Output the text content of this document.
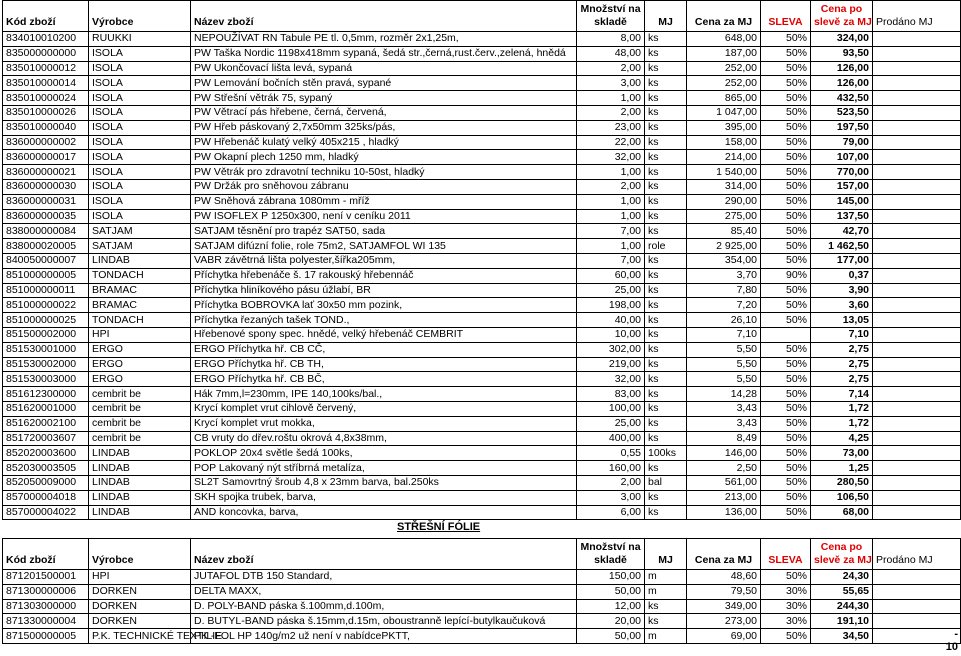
Kód zboží	Výrobce	Název zboží	Množství na
skladě	MJ	Cena za MJ	SLEVA	Cena po
slevě za MJ	Prodáno MJ
834010010200	RUUKKI	NEPOUŽÍVAT RN Tabule PE tl. 0,5mm, rozměr 2x1,25m,	8,00	ks	648,00	50%	324,00	
835000000000	ISOLA	PW Taška Nordic 1198x418mm sypaná, šedá str.,černá,rust.červ.,zelená, hnědá	48,00	ks	187,00	50%	93,50	
835010000012	ISOLA	PW Ukončovací lišta levá, sypaná	2,00	ks	252,00	50%	126,00	
835010000014	ISOLA	PW Lemování bočních stěn pravá, sypané	3,00	ks	252,00	50%	126,00	
835010000024	ISOLA	PW Střešní větrák 75, sypaný	1,00	ks	865,00	50%	432,50	
835010000026	ISOLA	PW Větrací pás hřebene, černá, červená,	2,00	ks	1 047,00	50%	523,50	
835010000040	ISOLA	PW Hřeb páskovaný 2,7x50mm 325ks/pás,	23,00	ks	395,00	50%	197,50	
836000000002	ISOLA	PW Hřebenáč kulatý velký 405x215 , hladký	22,00	ks	158,00	50%	79,00	
836000000017	ISOLA	PW Okapní plech 1250 mm, hladký	32,00	ks	214,00	50%	107,00	
836000000021	ISOLA	PW Větrák pro zdravotní techniku 10-50st, hladký	1,00	ks	1 540,00	50%	770,00	
836000000030	ISOLA	PW Držák pro sněhovou zábranu	2,00	ks	314,00	50%	157,00	
836000000031	ISOLA	PW Sněhová zábrana 1080mm - mříž	1,00	ks	290,00	50%	145,00	
836000000035	ISOLA	PW ISOFLEX P 1250x300, není v ceníku 2011	1,00	ks	275,00	50%	137,50	
838000000084	SATJAM	SATJAM těsnění pro trapéz SAT50, sada	7,00	ks	85,40	50%	42,70	
838000020005	SATJAM	SATJAM difúzní folie, role 75m2, SATJAMFOL WI 135	1,00	role	2 925,00	50%	1 462,50	
840050000007	LINDAB	VABR závětrná lišta polyester,šířka205mm,	7,00	ks	354,00	50%	177,00	
851000000005	TONDACH	Příchytka hřebenáče š. 17 rakouský hřebennáč	60,00	ks	3,70	90%	0,37	
851000000011	BRAMAC	Příchytka hliníkového pásu úžlabí, BR	25,00	ks	7,80	50%	3,90	
851000000022	BRAMAC	Příchytka BOBROVKA lať 30x50 mm pozink,	198,00	ks	7,20	50%	3,60	
851000000025	TONDACH	Příchytka řezaných tašek TOND.,	40,00	ks	26,10	50%	13,05	
851500002000	HPI	Hřebenové spony spec. hnědé, velký hřebenáč CEMBRIT	10,00	ks	7,10		7,10	
851530001000	ERGO	ERGO Příchytka hř. CB CČ,	302,00	ks	5,50	50%	2,75	
851530002000	ERGO	ERGO Příchytka hř. CB TH,	219,00	ks	5,50	50%	2,75	
851530003000	ERGO	ERGO Příchytka hř. CB BČ,	32,00	ks	5,50	50%	2,75	
851612300000	cembrit be	Hák 7mm,l=230mm, IPE 140,100ks/bal.,	83,00	ks	14,28	50%	7,14	
851620001000	cembrit be	Krycí komplet vrut cihlově červený,	100,00	ks	3,43	50%	1,72	
851620002100	cembrit be	Krycí komplet vrut mokka,	25,00	ks	3,43	50%	1,72	
851720003607	cembrit be	CB vruty do dřev.roštu okrová 4,8x38mm,	400,00	ks	8,49	50%	4,25	
852020003600	LINDAB	POKLOP 20x4 světle šedá 100ks,	0,55	100ks	146,00	50%	73,00	
852030003505	LINDAB	POP Lakovaný nýt stříbrná metalíza,	160,00	ks	2,50	50%	1,25	
852050009000	LINDAB	SL2T Samovrtný šroub 4,8 x 23mm barva, bal.250ks	2,00	bal	561,00	50%	280,50	
857000004018	LINDAB	SKH spojka trubek, barva,	3,00	ks	213,00	50%	106,50	
857000004022	LINDAB	AND koncovka, barva,	6,00	ks	136,00	50%	68,00	
STŘEŠNÍ FÓLIE
Kód zboží	Výrobce	Název zboží	Množství na
skladě	MJ	Cena za MJ	SLEVA	Cena po
slevě za MJ	Prodáno MJ
871201500001	HPI	JUTAFOL DTB 150 Standard,	150,00	m	48,60	50%	24,30	
871300000006	DORKEN	DELTA MAXX,	50,00	m	79,50	30%	55,65	
871303000000	DORKEN	D. POLY-BAND páska š.100mm,d.100m,	12,00	ks	349,00	30%	244,30	
871330000004	DORKEN	D. BUTYL-BAND páska š.15mm,d.15m, oboustranně lepící-butylkaučuková	20,00	ks	273,00	30%	191,10	
871500000005	P.K. TECHNICKÉ TEXTILIE	PK -FOL HP 140g/m2 už není v nabídcePKTT,	50,00	m	69,00	50%	34,50		-
10
